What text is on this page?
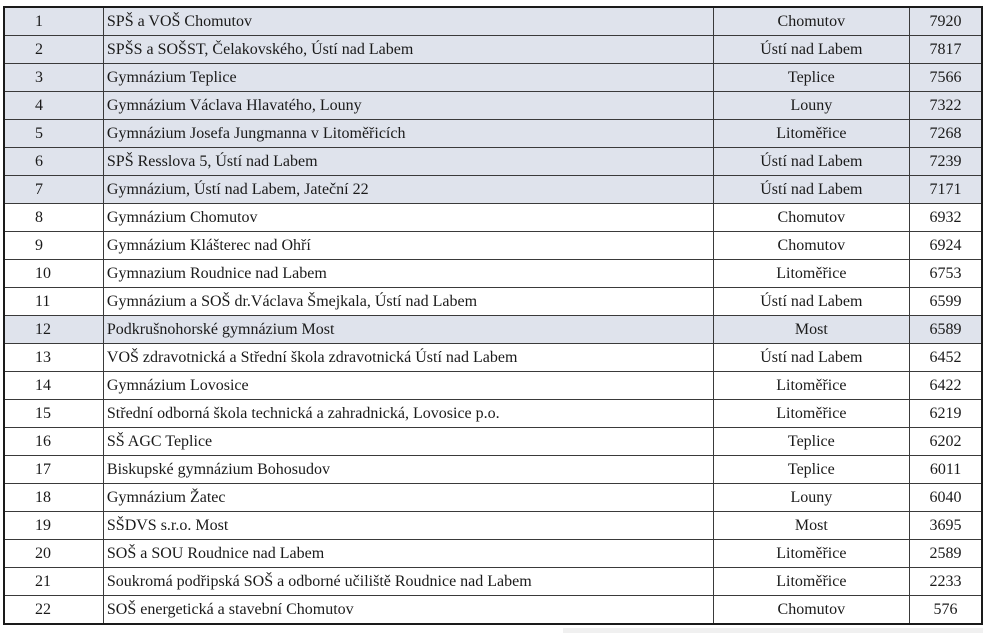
1	SPŠ a VOŠ Chomutov	Chomutov	7920
2	SPŠS a SOŠST, Čelakovského, Ústí nad Labem	Ústí nad Labem	7817
3	Gymnázium Teplice	Teplice	7566
4	Gymnázium Václava Hlavatého, Louny	Louny	7322
5	Gymnázium Josefa Jungmanna v Litoměřicích	Litoměřice	7268
6	SPŠ Resslova 5, Ústí nad Labem	Ústí nad Labem	7239
7	Gymnázium, Ústí nad Labem, Jateční 22	Ústí nad Labem	7171
8	Gymnázium Chomutov	Chomutov	6932
9	Gymnázium Klášterec nad Ohří	Chomutov	6924
10	Gymnazium Roudnice nad Labem	Litoměřice	6753
11	Gymnázium a SOŠ dr.Václava Šmejkala, Ústí nad Labem	Ústí nad Labem	6599
12	Podkrušnohorské gymnázium Most	Most	6589
13	VOŠ zdravotnická a Střední škola zdravotnická Ústí nad Labem	Ústí nad Labem	6452
14	Gymnázium Lovosice	Litoměřice	6422
15	Střední odborná škola technická a zahradnická, Lovosice p.o.	Litoměřice	6219
16	SŠ AGC Teplice	Teplice	6202
17	Biskupské gymnázium Bohosudov	Teplice	6011
18	Gymnázium Žatec	Louny	6040
19	SŠDVS s.r.o. Most	Most	3695
20	SOŠ a SOU Roudnice nad Labem	Litoměřice	2589
21	Soukromá podřipská SOŠ a odborné učiliště Roudnice nad Labem	Litoměřice	2233
22	SOŠ energetická a stavební Chomutov	Chomutov	576
